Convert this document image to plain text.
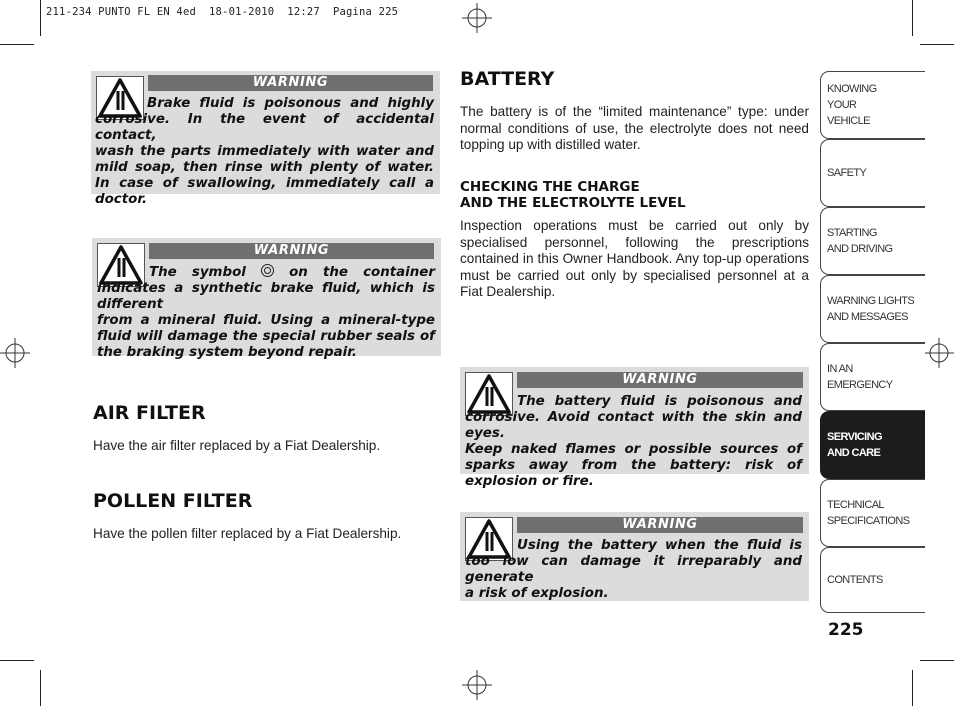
211-234 PUNTO FL EN 4ed  18-01-2010  12:27  Pagina 225
WARNING
Brake fluid is poisonous and highly corrosive. In the event of accidental contact,
wash the parts immediately with water and mild soap, then rinse with plenty of water. In case of swallowing, immediately call a doctor.
WARNING
The symbol	on the container indicates a synthetic brake fluid, which is different
from a mineral fluid. Using a mineral-type fluid will damage the special rubber seals of the braking system beyond repair.
AIR FILTER
Have the air filter replaced by a Fiat Dealership.
POLLEN FILTER
Have the pollen filter replaced by a Fiat Dealership.
BATTERY
The battery is of the “limited maintenance” type: under normal conditions of use, the electrolyte does not need topping up with distilled water.
CHECKING THE CHARGE
AND THE ELECTROLYTE LEVEL
Inspection operations must be carried out only by specialised personnel, following the prescriptions contained in this Owner Handbook. Any top-up operations must be carried out only by specialised personnel at a Fiat Dealership.
WARNING
The battery fluid is poisonous and corrosive. Avoid contact with the skin and eyes.
Keep naked flames or possible sources of sparks away from the battery: risk of explosion or fire.
WARNING
Using the battery when the fluid is too low can damage it irreparably and generate
a risk of explosion.
KNOWING
YOUR
VEHICLE
SAFETY
STARTING
AND DRIVING
WARNING LIGHTS
AND MESSAGES
IN AN
EMERGENCY
SERVICING
AND CARE
TECHNICAL
SPECIFICATIONS
CONTENTS
225
